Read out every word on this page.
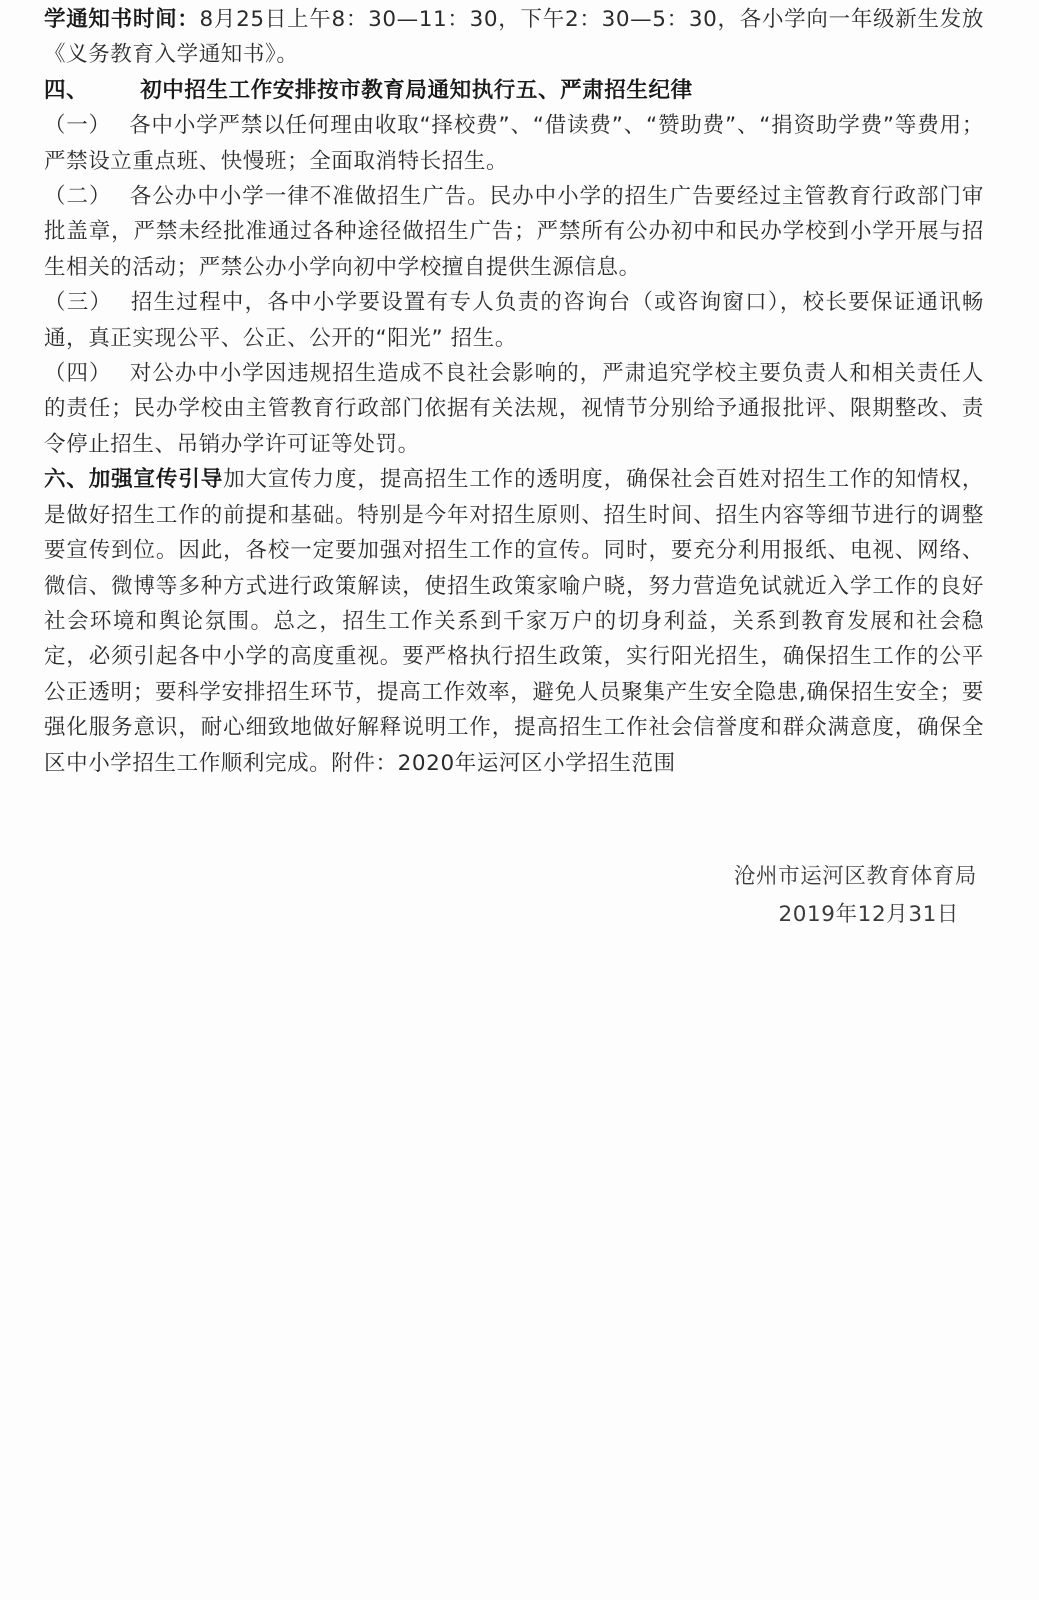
学通知书时间：8月25日上午8：30—11：30，下午2：30—5：30，各小学向一年级新生发放《义务教育入学通知书》。

四、 初中招生工作安排按市教育局通知执行五、严肃招生纪律

（一） 各中小学严禁以任何理由收取“择校费”、“借读费”、“赞助费”、“捐资助学费”等费用；严禁设立重点班、快慢班；全面取消特长招生。

（二） 各公办中小学一律不准做招生广告。民办中小学的招生广告要经过主管教育行政部门审批盖章，严禁未经批准通过各种途径做招生广告；严禁所有公办初中和民办学校到小学开展与招生相关的活动；严禁公办小学向初中学校擅自提供生源信息。

（三） 招生过程中，各中小学要设置有专人负责的咨询台（或咨询窗口），校长要保证通讯畅通，真正实现公平、公正、公开的“阳光” 招生。

（四） 对公办中小学因违规招生造成不良社会影响的，严肃追究学校主要负责人和相关责任人的责任；民办学校由主管教育行政部门依据有关法规，视情节分别给予通报批评、限期整改、责令停止招生、吊销办学许可证等处罚。

六、加强宣传引导加大宣传力度，提高招生工作的透明度，确保社会百姓对招生工作的知情权，是做好招生工作的前提和基础。特别是今年对招生原则、招生时间、招生内容等细节进行的调整要宣传到位。因此，各校一定要加强对招生工作的宣传。同时，要充分利用报纸、电视、网络、微信、微博等多种方式进行政策解读，使招生政策家喻户晓，努力营造免试就近入学工作的良好社会环境和舆论氛围。总之，招生工作关系到千家万户的切身利益，关系到教育发展和社会稳定，必须引起各中小学的高度重视。要严格执行招生政策，实行阳光招生，确保招生工作的公平公正透明；要科学安排招生环节，提高工作效率，避免人员聚集产生安全隐患,确保招生安全；要强化服务意识，耐心细致地做好解释说明工作，提高招生工作社会信誉度和群众满意度，确保全区中小学招生工作顺利完成。附件：2020年运河区小学招生范围

沧州市运河区教育体育局
2019年12月31日
